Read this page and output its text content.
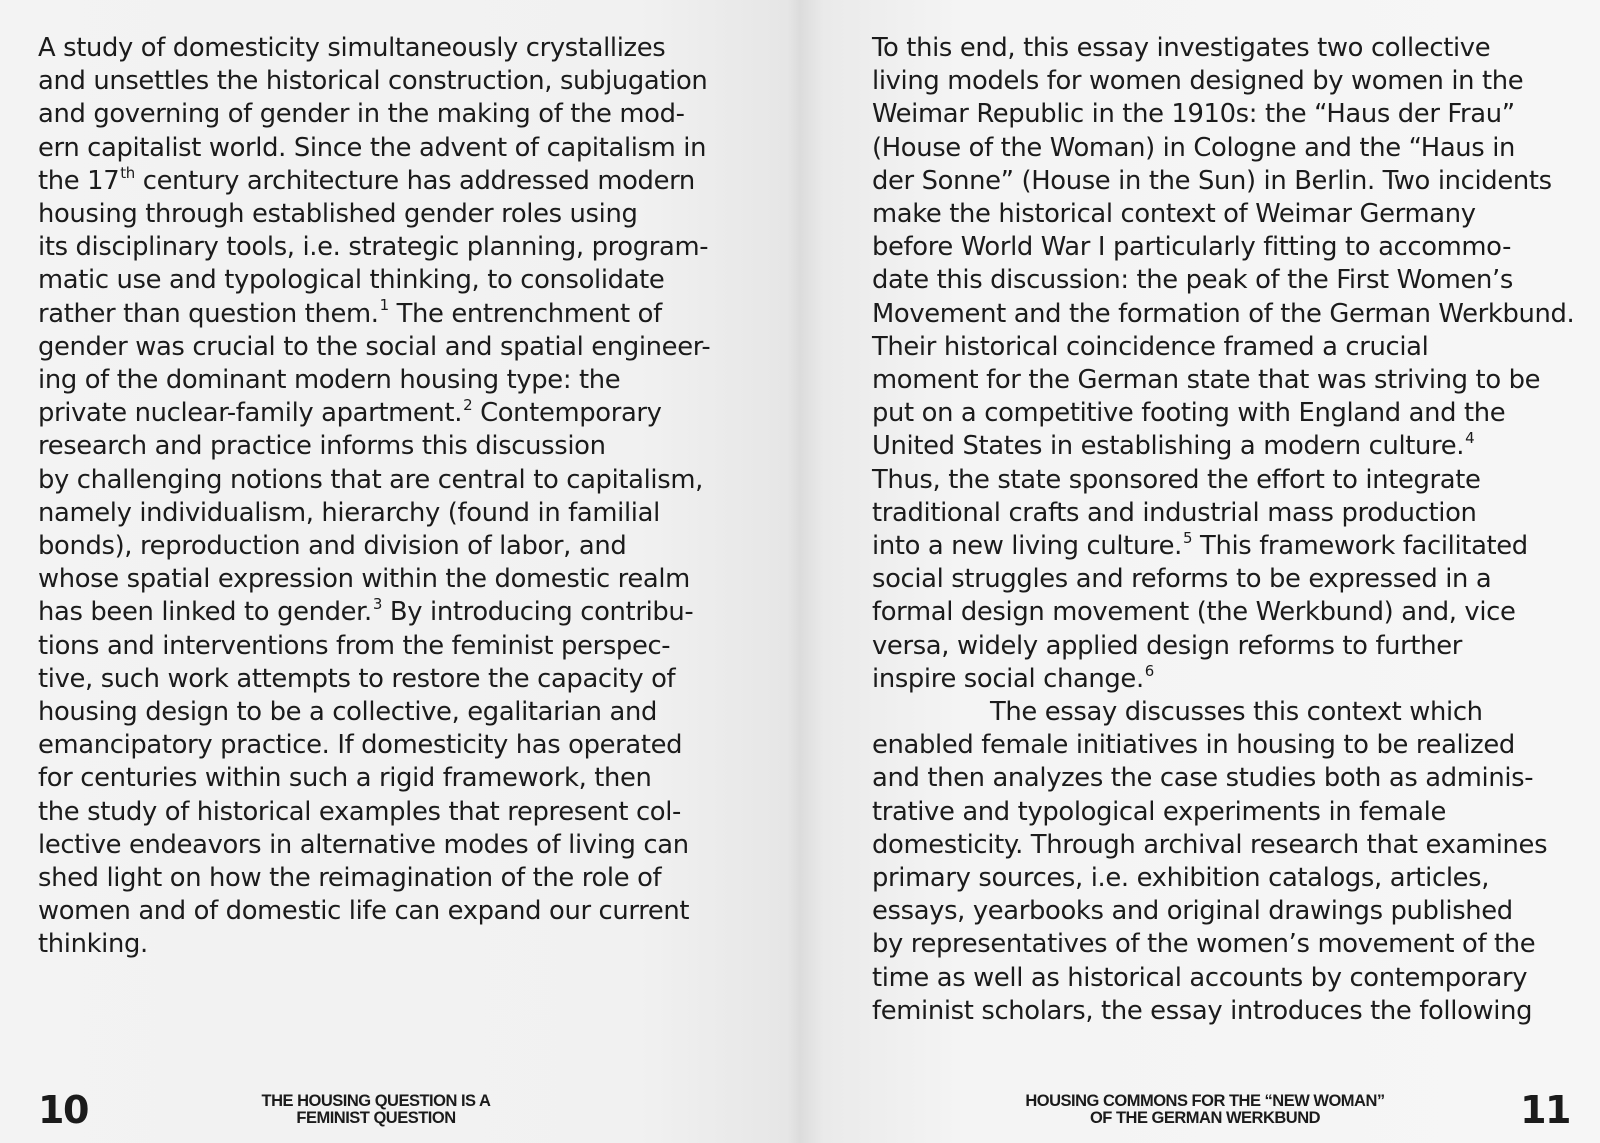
A study of domesticity simultaneously crystallizes
and unsettles the historical construction, subjugation
and governing of gender in the making of the mod-
ern capitalist world. Since the advent of capitalism in
the 17th century architecture has addressed modern
housing through established gender roles using
its disciplinary tools, i.e. strategic planning, program-
matic use and typological thinking, to consolidate
rather than question them.$^1$ The entrenchment of
gender was crucial to the social and spatial engineer-
ing of the dominant modern housing type: the
private nuclear-family apartment.$^2$ Contemporary
research and practice informs this discussion
by challenging notions that are central to capitalism,
namely individualism, hierarchy (found in familial
bonds), reproduction and division of labor, and
whose spatial expression within the domestic realm
has been linked to gender.$^3$ By introducing contribu-
tions and interventions from the feminist perspec-
tive, such work attempts to restore the capacity of
housing design to be a collective, egalitarian and
emancipatory practice. If domesticity has operated
for centuries within such a rigid framework, then
the study of historical examples that represent col-
lective endeavors in alternative modes of living can
shed light on how the reimagination of the role of
women and of domestic life can expand our current
thinking.

10	THE HOUSING QUESTION IS A
FEMINIST QUESTION

To this end, this essay investigates two collective
living models for women designed by women in the
Weimar Republic in the 1910s: the “Haus der Frau”
(House of the Woman) in Cologne and the “Haus in
der Sonne” (House in the Sun) in Berlin. Two incidents
make the historical context of Weimar Germany
before World War I particularly fitting to accommo-
date this discussion: the peak of the First Women’s
Movement and the formation of the German Werkbund.
Their historical coincidence framed a crucial
moment for the German state that was striving to be
put on a competitive footing with England and the
United States in establishing a modern culture.$^4$
Thus, the state sponsored the effort to integrate
traditional crafts and industrial mass production
into a new living culture.$^5$ This framework facilitated
social struggles and reforms to be expressed in a
formal design movement (the Werkbund) and, vice
versa, widely applied design reforms to further
inspire social change.$^6$

The essay discusses this context which
enabled female initiatives in housing to be realized
and then analyzes the case studies both as adminis-
trative and typological experiments in female
domesticity. Through archival research that examines
primary sources, i.e. exhibition catalogs, articles,
essays, yearbooks and original drawings published
by representatives of the women’s movement of the
time as well as historical accounts by contemporary
feminist scholars, the essay introduces the following

HOUSING COMMONS FOR THE “NEW WOMAN”
OF THE GERMAN WERKBUND	11
